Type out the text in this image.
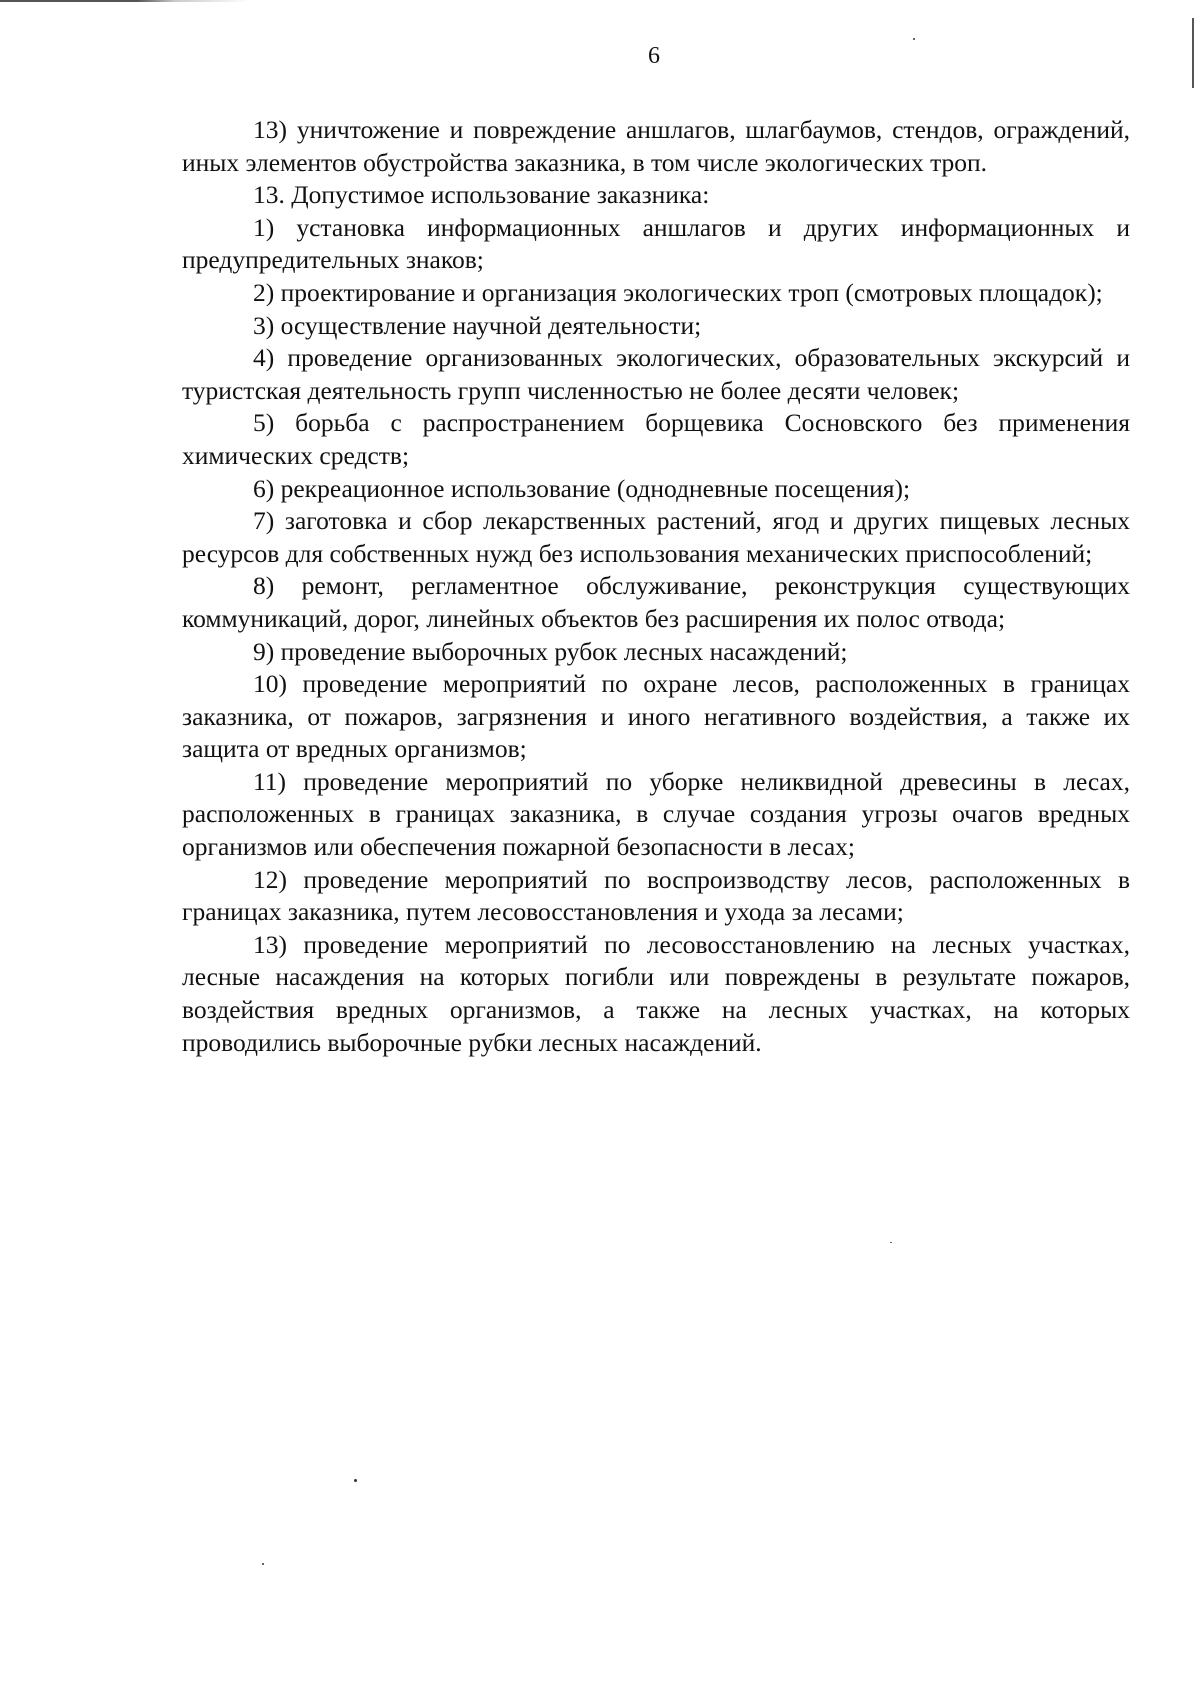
6

13) уничтожение и повреждение аншлагов, шлагбаумов, стендов, ограждений, иных элементов обустройства заказника, в том числе экологических троп.

13. Допустимое использование заказника:

1) установка информационных аншлагов и других информационных и предупредительных знаков;

2) проектирование и организация экологических троп (смотровых площадок);

3) осуществление научной деятельности;

4) проведение организованных экологических, образовательных экскурсий и туристская деятельность групп численностью не более десяти человек;

5) борьба с распространением борщевика Сосновского без применения химических средств;

6) рекреационное использование (однодневные посещения);

7) заготовка и сбор лекарственных растений, ягод и других пищевых лесных ресурсов для собственных нужд без использования механических приспособлений;

8) ремонт, регламентное обслуживание, реконструкция существующих коммуникаций, дорог, линейных объектов без расширения их полос отвода;

9) проведение выборочных рубок лесных насаждений;

10) проведение мероприятий по охране лесов, расположенных в границах заказника, от пожаров, загрязнения и иного негативного воздействия, а также их защита от вредных организмов;

11) проведение мероприятий по уборке неликвидной древесины в лесах, расположенных в границах заказника, в случае создания угрозы очагов вредных организмов или обеспечения пожарной безопасности в лесах;

12) проведение мероприятий по воспроизводству лесов, расположенных в границах заказника, путем лесовосстановления и ухода за лесами;

13) проведение мероприятий по лесовосстановлению на лесных участках, лесные насаждения на которых погибли или повреждены в результате пожаров, воздействия вредных организмов, а также на лесных участках, на которых проводились выборочные рубки лесных насаждений.
